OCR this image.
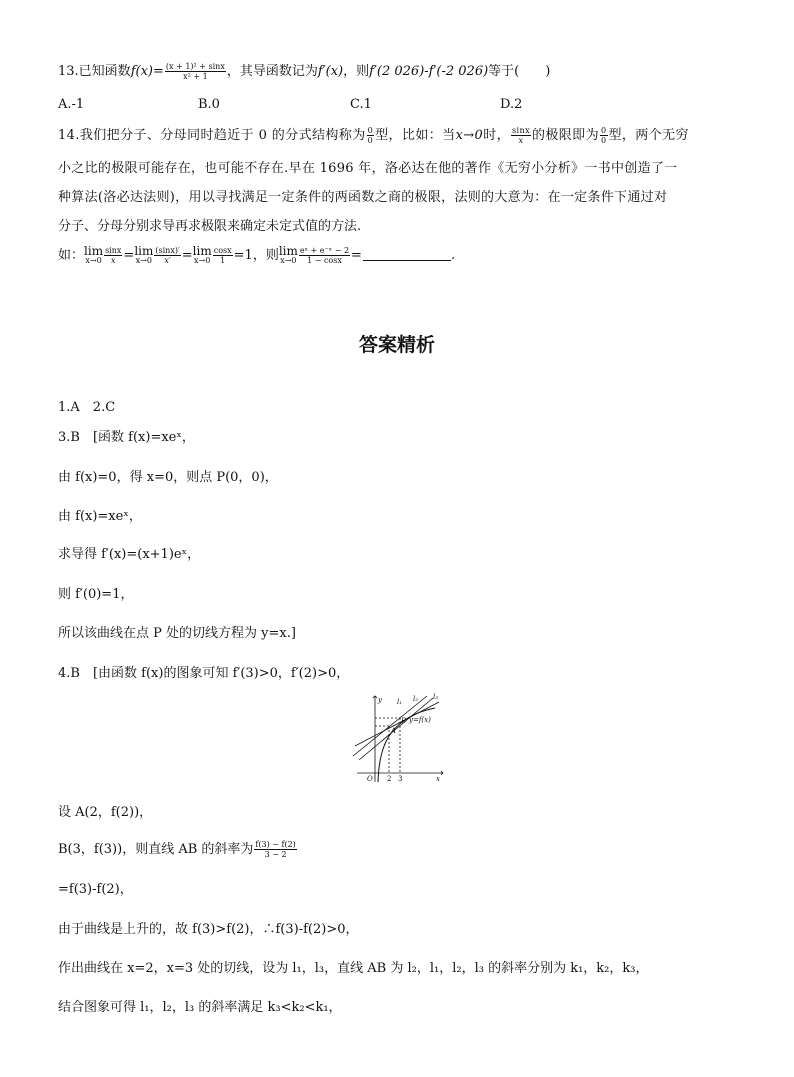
13.已知函数$f(x)= \frac{\text{(x + 1)² + sinx}}{\text{x² + 1}}$ ，其导函数记为f′(x)，则f′(2 026)-f′(-2 026)等于(　　)
A.-1	B.0	C.1	D.2
14.我们把分子、分母同时趋近于 0 的分式结构称为 $\frac{0}{0}$ 型，比如：当x→0时， $\frac{\sin x}{x}$ 的极限即为 $\frac{0}{0}$ 型，两个无穷
小之比的极限可能存在，也可能不存在.早在 1696 年，洛必达在他的著作《无穷小分析》一书中创造了一
种算法(洛必达法则)，用以寻找满足一定条件的两函数之商的极限，法则的大意为：在一定条件下通过对
分子、分母分别求导再求极限来确定未定式值的方法.
如：lim
$x\to 0 \frac{\sin x}{x} =\lim$
$x\to 0 \frac{(\sin x)'}{x'} =\lim$
$x\to 0 \frac{\cos x}{1} =1$，则lim
$x\to 0 \frac{\text{eˣ + e⁻ˣ − 2}}{1 - \cos x}$ =	.
答案精析
1.A　2.C
3.B　[函数 f(x)=xeˣ，
由 f(x)=0，得 x=0，则点 P(0，0)，
由 f(x)=xeˣ，
求导得 f′(x)=(x+1)eˣ，
则 f′(0)=1，
所以该曲线在点 P 处的切线方程为 y=x.]
4.B　[由函数 f(x)的图象可知 f′(3)>0，f′(2)>0，
y
x
O 2 3
l₁ l₂ l₃
A
B y=f(x)
设 A(2，f(2))，
B(3，f(3))，则直线 AB 的斜率为 $\frac{f(3) - f(2)}{3 - 2}$
=f(3)-f(2)，
由于曲线是上升的，故 f(3)>f(2)，∴f(3)-f(2)>0，
作出曲线在 x=2，x=3 处的切线，设为 l₁，l₃，直线 AB 为 l₂，l₁，l₂，l₃ 的斜率分别为 k₁，k₂，k₃，
结合图象可得 l₁，l₂，l₃ 的斜率满足 k₃<k₂<k₁，
